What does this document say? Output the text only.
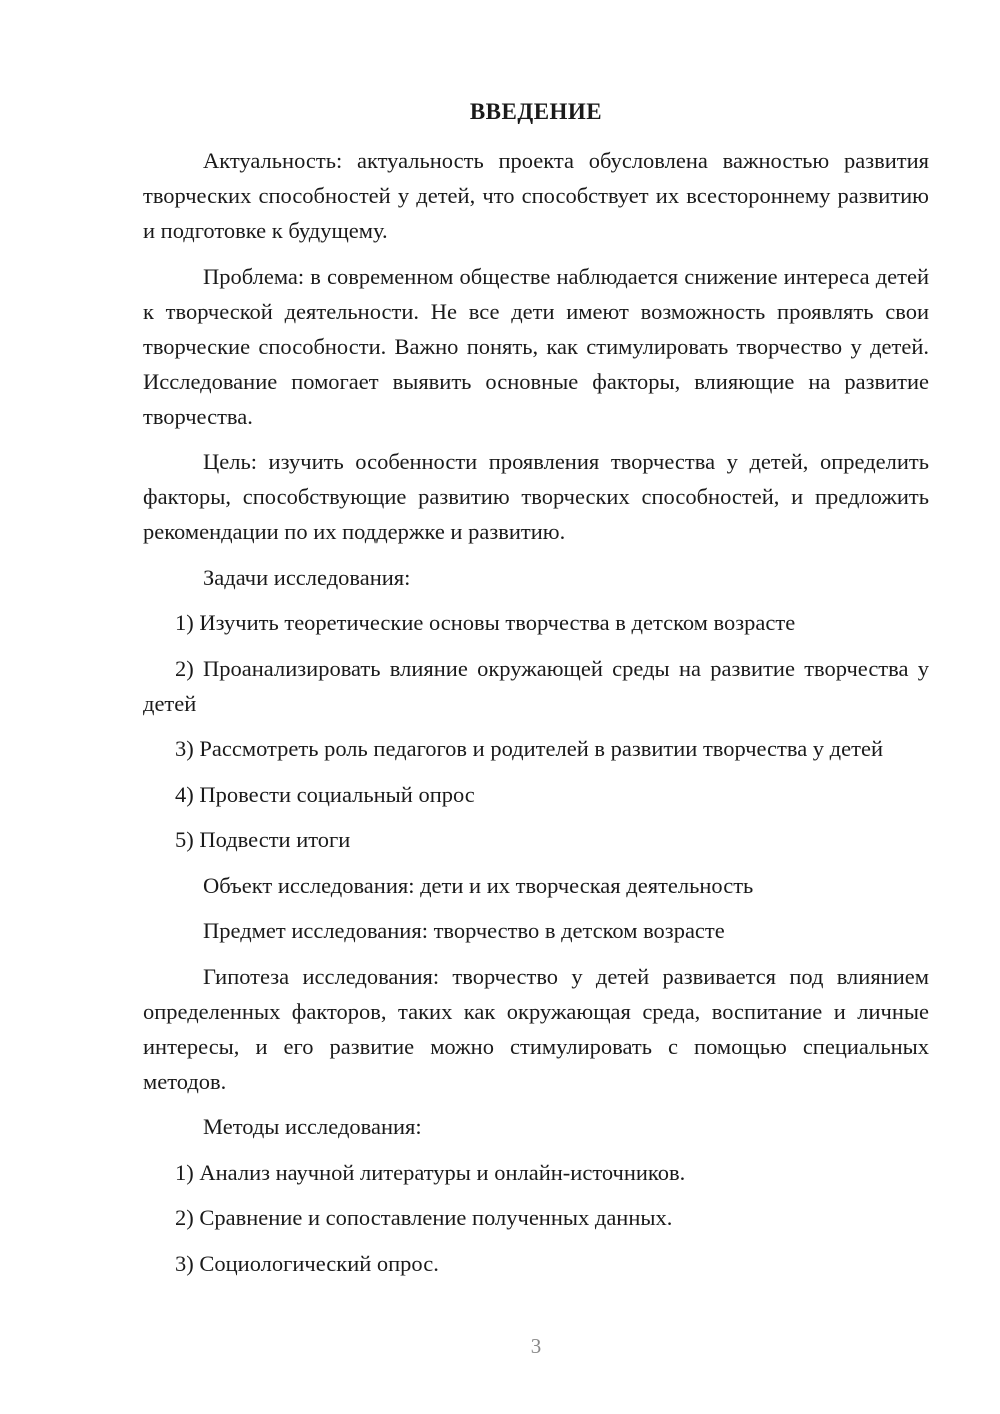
ВВЕДЕНИЕ

Актуальность: актуальность проекта обусловлена важностью развития творческих способностей у детей, что способствует их всестороннему развитию и подготовке к будущему.

Проблема: в современном обществе наблюдается снижение интереса детей к творческой деятельности. Не все дети имеют возможность проявлять свои творческие способности. Важно понять, как стимулировать творчество у детей. Исследование помогает выявить основные факторы, влияющие на развитие творчества.

Цель: изучить особенности проявления творчества у детей, определить факторы, способствующие развитию творческих способностей, и предложить рекомендации по их поддержке и развитию.

Задачи исследования:

1) Изучить теоретические основы творчества в детском возрасте

2) Проанализировать влияние окружающей среды на развитие творчества у детей

3) Рассмотреть роль педагогов и родителей в развитии творчества у детей

4) Провести социальный опрос

5) Подвести итоги

Объект исследования: дети и их творческая деятельность

Предмет исследования: творчество в детском возрасте

Гипотеза исследования: творчество у детей развивается под влиянием определенных факторов, таких как окружающая среда, воспитание и личные интересы, и его развитие можно стимулировать с помощью специальных методов.

Методы исследования:

1) Анализ научной литературы и онлайн-источников.

2) Сравнение и сопоставление полученных данных.

3) Социологический опрос.

3
